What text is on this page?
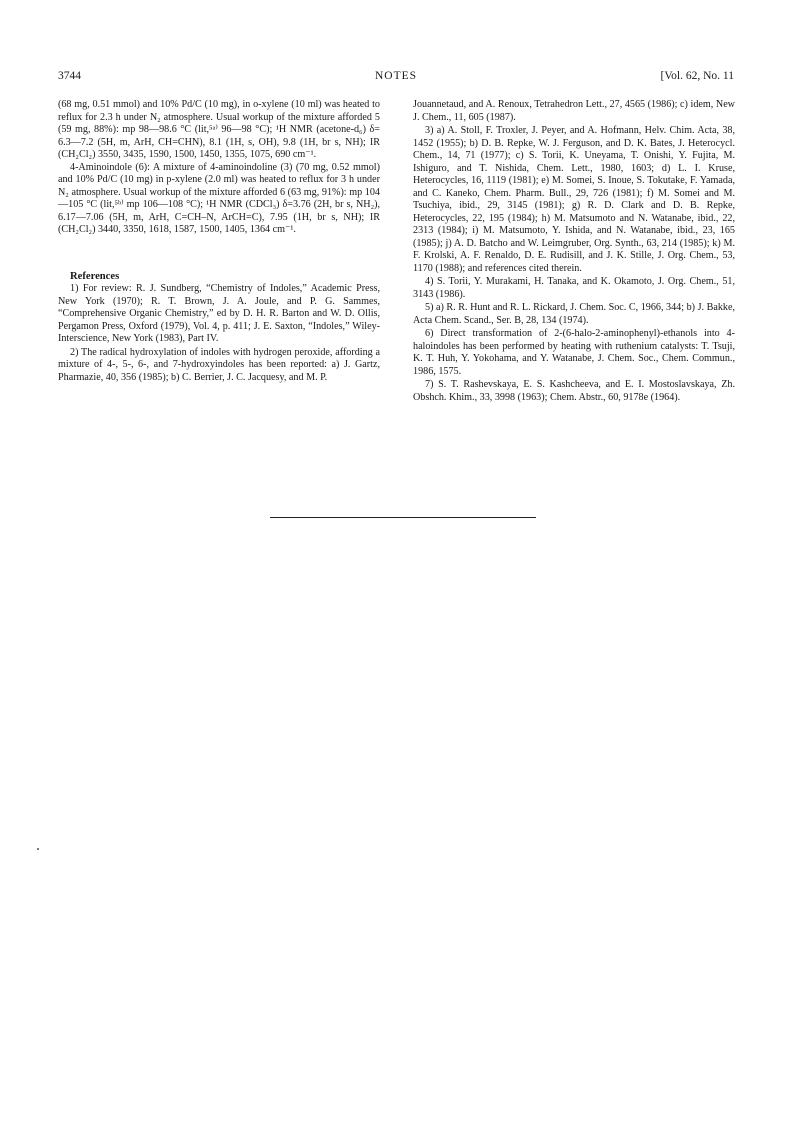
3744	NOTES	[Vol. 62, No. 11

(68 mg, 0.51 mmol) and 10% Pd/C (10 mg), in o-xylene (10 ml) was heated to reflux for 2.3 h under N₂ atmosphere. Usual workup of the mixture afforded 5 (59 mg, 88%): mp 98—98.6 °C (lit,⁵ᵃ⁾ 96—98 °C); ¹H NMR (acetone-d₆) δ= 6.3—7.2 (5H, m, ArH, CH=CHN), 8.1 (1H, s, OH), 9.8 (1H, br s, NH); IR (CH₂Cl₂) 3550, 3435, 1590, 1500, 1450, 1355, 1075, 690 cm⁻¹.

4-Aminoindole (6): A mixture of 4-aminoindoline (3) (70 mg, 0.52 mmol) and 10% Pd/C (10 mg) in p-xylene (2.0 ml) was heated to reflux for 3 h under N₂ atmosphere. Usual workup of the mixture afforded 6 (63 mg, 91%): mp 104—105 °C (lit,⁵ᵇ⁾ mp 106—108 °C); ¹H NMR (CDCl₃) δ=3.76 (2H, br s, NH₂), 6.17—7.06 (5H, m, ArH, C=CH–N, ArCH=C), 7.95 (1H, br s, NH); IR (CH₂Cl₂) 3440, 3350, 1618, 1587, 1500, 1405, 1364 cm⁻¹.

References

1) For review: R. J. Sundberg, “Chemistry of Indoles,” Academic Press, New York (1970); R. T. Brown, J. A. Joule, and P. G. Sammes, “Comprehensive Organic Chemistry,” ed by D. H. R. Barton and W. D. Ollis, Pergamon Press, Oxford (1979), Vol. 4, p. 411; J. E. Saxton, “Indoles,” Wiley-Interscience, New York (1983), Part IV.

2) The radical hydroxylation of indoles with hydrogen peroxide, affording a mixture of 4-, 5-, 6-, and 7-hydroxyindoles has been reported: a) J. Gartz, Pharmazie, 40, 356 (1985); b) C. Berrier, J. C. Jacquesy, and M. P.

Jouannetaud, and A. Renoux, Tetrahedron Lett., 27, 4565 (1986); c) idem, New J. Chem., 11, 605 (1987).

3) a) A. Stoll, F. Troxler, J. Peyer, and A. Hofmann, Helv. Chim. Acta, 38, 1452 (1955); b) D. B. Repke, W. J. Ferguson, and D. K. Bates, J. Heterocycl. Chem., 14, 71 (1977); c) S. Torii, K. Uneyama, T. Onishi, Y. Fujita, M. Ishiguro, and T. Nishida, Chem. Lett., 1980, 1603; d) L. I. Kruse, Heterocycles, 16, 1119 (1981); e) M. Somei, S. Inoue, S. Tokutake, F. Yamada, and C. Kaneko, Chem. Pharm. Bull., 29, 726 (1981); f) M. Somei and M. Tsuchiya, ibid., 29, 3145 (1981); g) R. D. Clark and D. B. Repke, Heterocycles, 22, 195 (1984); h) M. Matsumoto and N. Watanabe, ibid., 22, 2313 (1984); i) M. Matsumoto, Y. Ishida, and N. Watanabe, ibid., 23, 165 (1985); j) A. D. Batcho and W. Leimgruber, Org. Synth., 63, 214 (1985); k) M. F. Krolski, A. F. Renaldo, D. E. Rudisill, and J. K. Stille, J. Org. Chem., 53, 1170 (1988); and references cited therein.

4) S. Torii, Y. Murakami, H. Tanaka, and K. Okamoto, J. Org. Chem., 51, 3143 (1986).

5) a) R. R. Hunt and R. L. Rickard, J. Chem. Soc. C, 1966, 344; b) J. Bakke, Acta Chem. Scand., Ser. B, 28, 134 (1974).

6) Direct transformation of 2-(6-halo-2-aminophenyl)-ethanols into 4-haloindoles has been performed by heating with ruthenium catalysts: T. Tsuji, K. T. Huh, Y. Yokohama, and Y. Watanabe, J. Chem. Soc., Chem. Commun., 1986, 1575.

7) S. T. Rashevskaya, E. S. Kashcheeva, and E. I. Mostoslavskaya, Zh. Obshch. Khim., 33, 3998 (1963); Chem. Abstr., 60, 9178e (1964).
